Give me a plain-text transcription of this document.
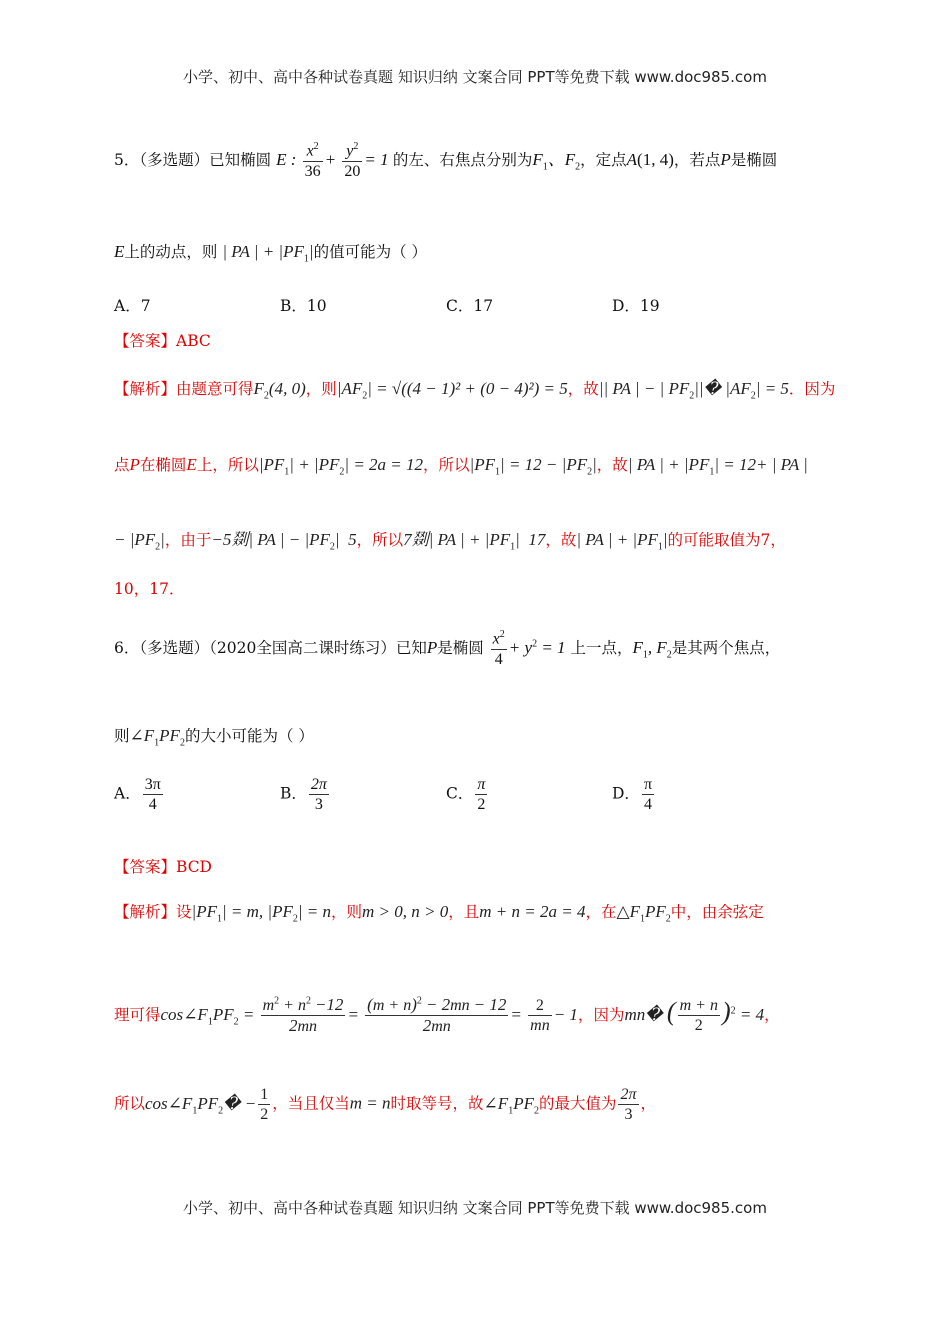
小学、初中、高中各种试卷真题 知识归纳 文案合同 PPT等免费下载 www.doc985.com
5．（多选题）已知椭圆 E : $\frac{x^2}{36} + \frac{y^2}{20} = 1$ 的左、右焦点分别为$F_1$、$F_2$，定点A(1, 4)，若点P是椭圆
E上的动点，则 | PA | + $|PF_1|$的值可能为（ ）
A．7	B．10	C．17	D．19
【答案】ABC
【解析】由题意可得$F_2(4$, 0)，则$|AF_2| = √((4 - 1)^2 + (0 - 4)^2) = 5$，故|| PA | − | $PF_2||�$ $|AF_2| = 5$．因为
点P在椭圆E上，所以$|PF_1| + |PF_2| = 2a = 12$，所以$|PF_1| = 12 - |PF_2|$，故| PA | + $|PF_1| = 12+$ | PA |
− $|PF_2|$，由于−5剟| PA | − $|PF_2|$  5，所以7剟| PA | + $|PF_1|$  17，故| PA | + $|PF_1|$的可能取值为7，
10，17．
6．（多选题）（2020全国高二课时练习）已知P是椭圆 $\frac{x^2}{4} + y^2 = 1$ 上一点，$F_1$, $F_2$是其两个焦点，
则$\angle F_1PF_2$的大小可能为（ ）
A． $\frac{3\pi}{4}$	B． $\frac{2\pi}{3}$	C． $\frac{\pi}{2}$	D． $\frac{\pi}{4}$
【答案】BCD
【解析】设$|PF_1| = m$, $|PF_2| = n$，则m > 0, n > 0，且m + n = 2a = 4，在$\triangle F_1PF_2$中，由余弦定
理可得$\cos\angle F_1PF_2 = \frac{m^2 + n^2 -12}{2mn} = \frac{(m + n)^2 - 2mn - 12}{2mn} = \frac{2}{mn} - 1$，因为mn� ( $\frac{m + n}{2} )^2 = 4$，
所以$\cos\angle F_1PF_2� - \frac{1}{2}$ ，当且仅当m = n时取等号，故$\angle F_1PF_2$的最大值为 $\frac{2\pi}{3}$ ，
小学、初中、高中各种试卷真题 知识归纳 文案合同 PPT等免费下载 www.doc985.com
